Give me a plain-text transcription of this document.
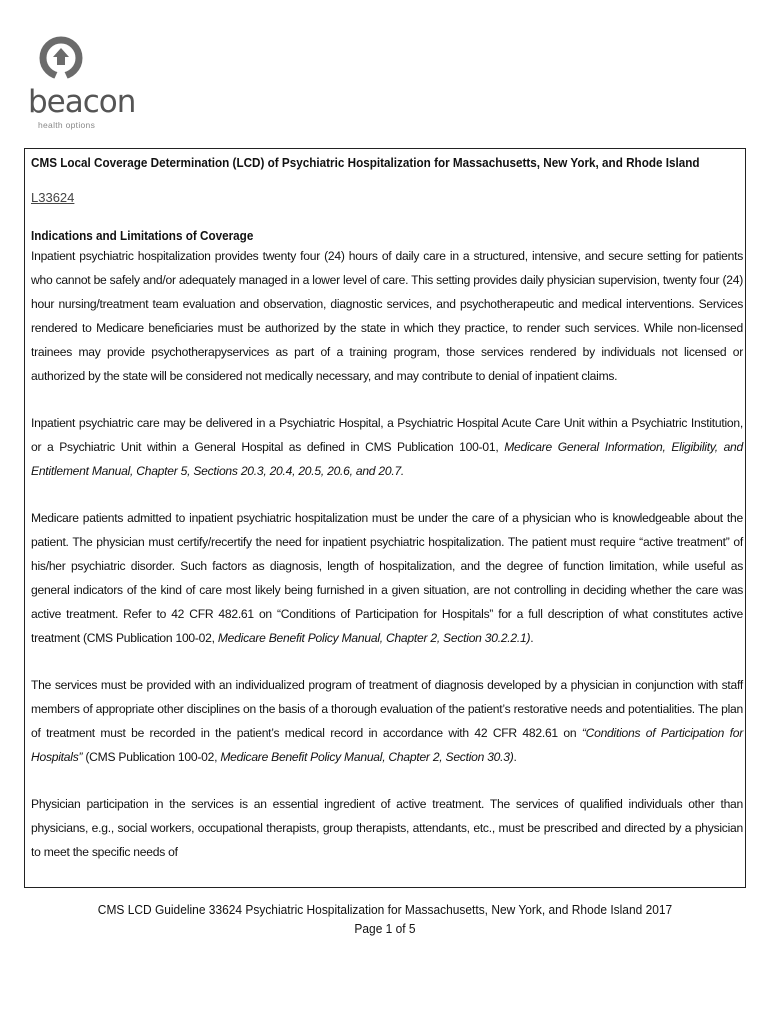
beacon
health options
CMS Local Coverage Determination (LCD) of Psychiatric Hospitalization for Massachusetts, New York, and Rhode Island
L33624
Indications and Limitations of Coverage

Inpatient psychiatric hospitalization provides twenty four (24) hours of daily care in a structured, intensive, and secure setting for patients who cannot be safely and/or adequately managed in a lower level of care. This setting provides daily physician supervision, twenty four (24) hour nursing/treatment team evaluation and observation, diagnostic services, and psychotherapeutic and medical interventions. Services rendered to Medicare beneficiaries must be authorized by the state in which they practice, to render such services. While non-licensed trainees may provide psychotherapyservices as part of a training program, those services rendered by individuals not licensed or authorized by the state will be considered not medically necessary, and may contribute to denial of inpatient claims.

Inpatient psychiatric care may be delivered in a Psychiatric Hospital, a Psychiatric Hospital Acute Care Unit within a Psychiatric Institution, or a Psychiatric Unit within a General Hospital as defined in CMS Publication 100-01, Medicare General Information, Eligibility, and Entitlement Manual, Chapter 5, Sections 20.3, 20.4, 20.5, 20.6, and 20.7.

Medicare patients admitted to inpatient psychiatric hospitalization must be under the care of a physician who is knowledgeable about the patient. The physician must certify/recertify the need for inpatient psychiatric hospitalization. The patient must require “active treatment” of his/her psychiatric disorder. Such factors as diagnosis, length of hospitalization, and the degree of function limitation, while useful as general indicators of the kind of care most likely being furnished in a given situation, are not controlling in deciding whether the care was active treatment. Refer to 42 CFR 482.61 on “Conditions of Participation for Hospitals” for a full description of what constitutes active treatment (CMS Publication 100-02, Medicare Benefit Policy Manual, Chapter 2, Section 30.2.2.1).

The services must be provided with an individualized program of treatment of diagnosis developed by a physician in conjunction with staff members of appropriate other disciplines on the basis of a thorough evaluation of the patient’s restorative needs and potentialities. The plan of treatment must be recorded in the patient’s medical record in accordance with 42 CFR 482.61 on “Conditions of Participation for Hospitals” (CMS Publication 100-02, Medicare Benefit Policy Manual, Chapter 2, Section 30.3).

Physician participation in the services is an essential ingredient of active treatment. The services of qualified individuals other than physicians, e.g., social workers, occupational therapists, group therapists, attendants, etc., must be prescribed and directed by a physician to meet the specific needs of

CMS LCD Guideline 33624 Psychiatric Hospitalization for Massachusetts, New York, and Rhode Island 2017
Page 1 of 5
